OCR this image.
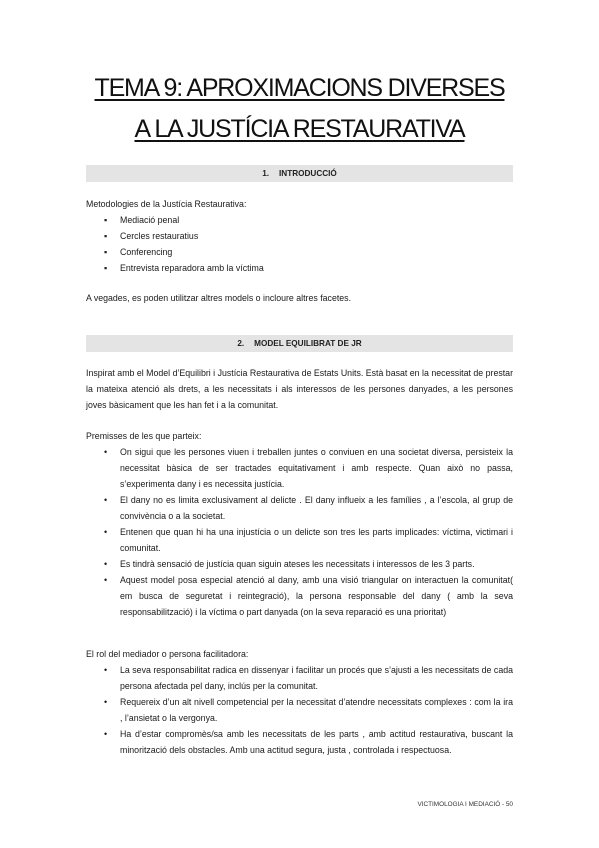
TEMA 9: APROXIMACIONS DIVERSES
A LA JUSTÍCIA RESTAURATIVA
1. INTRODUCCIÓ
Metodologies de la Justícia Restaurativa:
▪ Mediació penal
▪ Cercles restauratius
▪ Conferencing
▪ Entrevista reparadora amb la víctima
A vegades, es poden utilitzar altres models o incloure altres facetes.
2. MODEL EQUILIBRAT DE JR
Inspirat amb el Model d’Equilibri i Justícia Restaurativa de Estats Units. Està basat en la necessitat de prestar la mateixa atenció als drets, a les necessitats i als interessos de les persones danyades, a les persones joves bàsicament que les han fet i a la comunitat.
Premisses de les que parteix:
• On sigui que les persones viuen i treballen juntes o conviuen en una societat diversa, persisteix la necessitat bàsica de ser tractades equitativament i amb respecte. Quan això no passa, s’experimenta dany i es necessita justícia.
• El dany no es limita exclusivament al delicte . El dany influeix a les famílies , a l’escola, al grup de convivència o a la societat.
• Entenen que quan hi ha una injustícia o un delicte son tres les parts implicades: víctima, victimari i comunitat.
• Es tindrà sensació de justícia quan siguin ateses les necessitats i interessos de les 3 parts.
• Aquest model posa especial atenció al dany, amb una visió triangular on interactuen la comunitat( em busca de seguretat i reintegració), la persona responsable del dany ( amb la seva responsabilització) i la víctima o part danyada (on la seva reparació es una prioritat)
El rol del mediador o persona facilitadora:
• La seva responsabilitat radica en dissenyar i facilitar un procés que s’ajusti a les necessitats de cada persona afectada pel dany, inclús per la comunitat.
• Requereix d’un alt nivell competencial per la necessitat d’atendre necessitats complexes : com la ira , l’ansietat o la vergonya.
• Ha d’estar compromès/sa amb les necessitats de les parts , amb actitud restaurativa, buscant la minorització dels obstacles. Amb una actitud segura, justa , controlada i respectuosa.
VICTIMOLOGIA I MEDIACIÓ - 50
